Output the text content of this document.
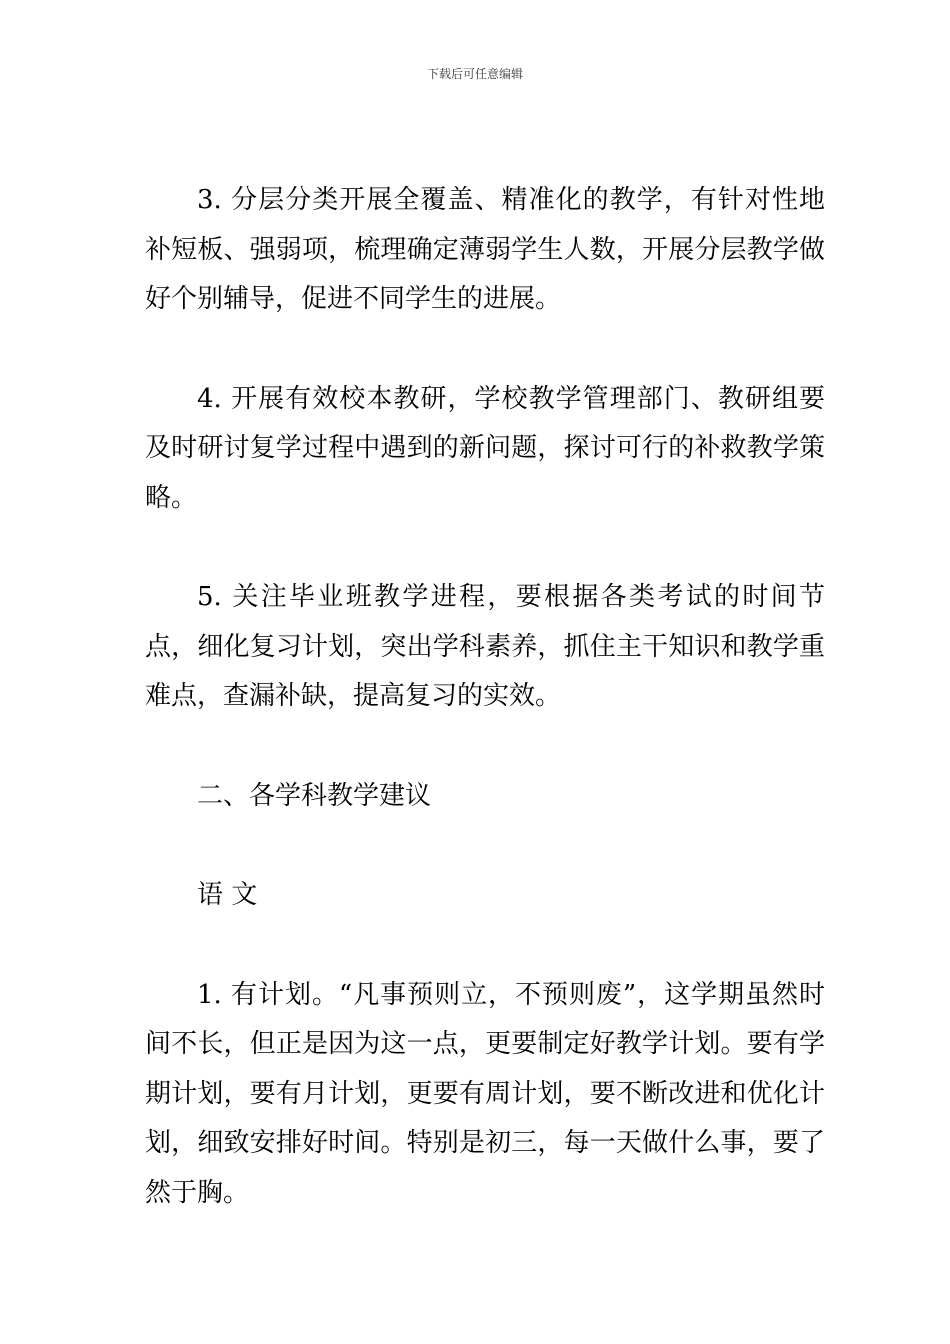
下载后可任意编辑

3. 分层分类开展全覆盖、精准化的教学，有针对性地补短板、强弱项，梳理确定薄弱学生人数，开展分层教学做好个别辅导，促进不同学生的进展。

4. 开展有效校本教研，学校教学管理部门、教研组要及时研讨复学过程中遇到的新问题，探讨可行的补救教学策略。

5. 关注毕业班教学进程，要根据各类考试的时间节点，细化复习计划，突出学科素养，抓住主干知识和教学重难点，查漏补缺，提高复习的实效。

二、各学科教学建议

语 文

1. 有计划。“凡事预则立，不预则废”，这学期虽然时间不长，但正是因为这一点，更要制定好教学计划。要有学期计划，要有月计划，更要有周计划，要不断改进和优化计划，细致安排好时间。特别是初三，每一天做什么事，要了然于胸。
